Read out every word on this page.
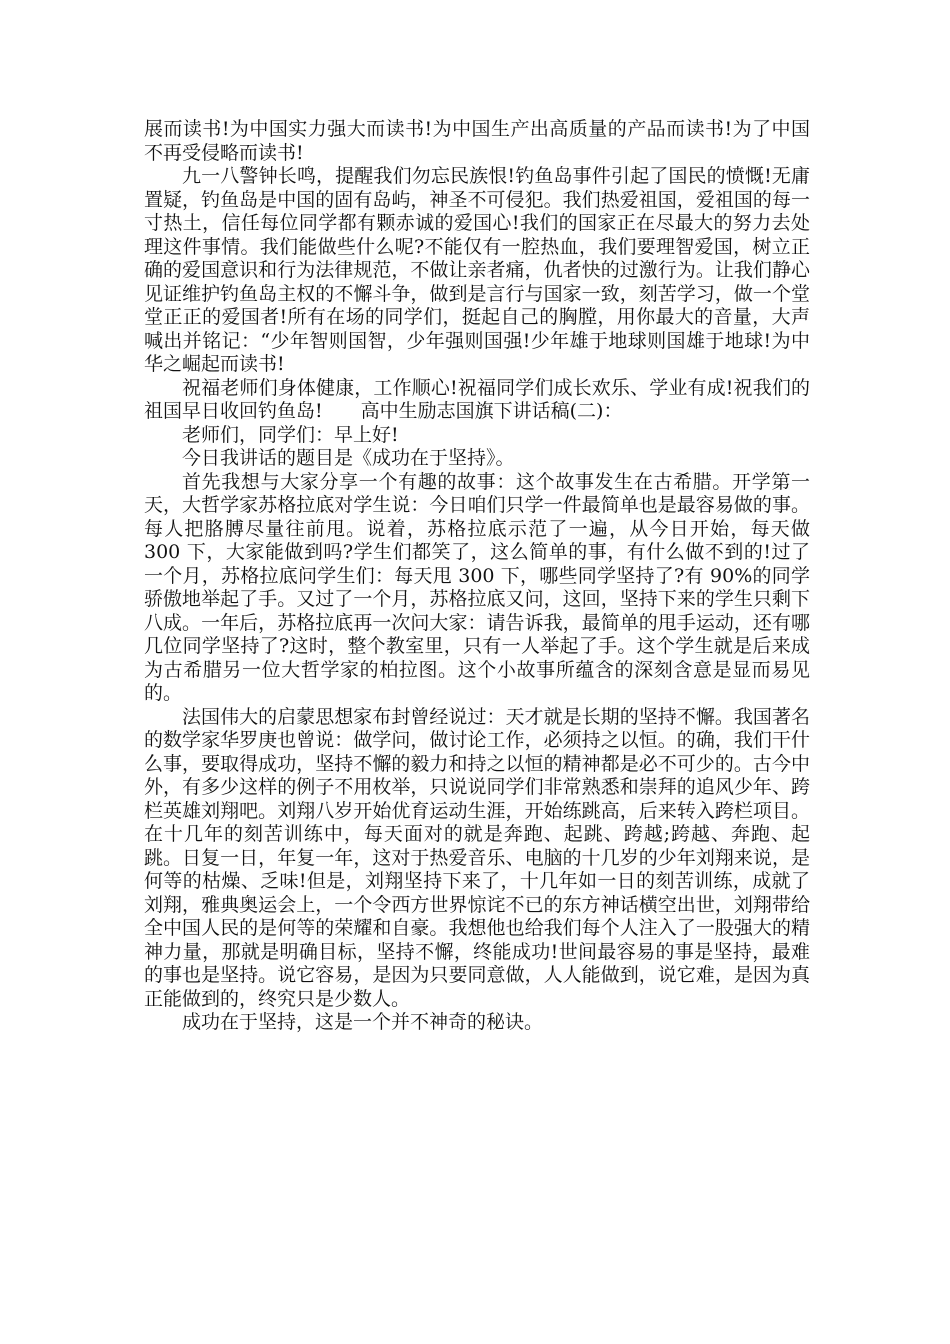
展而读书!为中国实力强大而读书!为中国生产出高质量的产品而读书!为了中国不再受侵略而读书!

九一八警钟长鸣，提醒我们勿忘民族恨!钓鱼岛事件引起了国民的愤慨!无庸置疑，钓鱼岛是中国的固有岛屿，神圣不可侵犯。我们热爱祖国，爱祖国的每一寸热土，信任每位同学都有颗赤诚的爱国心!我们的国家正在尽最大的努力去处理这件事情。我们能做些什么呢?不能仅有一腔热血，我们要理智爱国，树立正确的爱国意识和行为法律规范，不做让亲者痛，仇者快的过激行为。让我们静心见证维护钓鱼岛主权的不懈斗争，做到是言行与国家一致，刻苦学习，做一个堂堂正正的爱国者!所有在场的同学们，挺起自己的胸膛，用你最大的音量，大声喊出并铭记：“少年智则国智，少年强则国强!少年雄于地球则国雄于地球!为中华之崛起而读书!

祝福老师们身体健康，工作顺心!祝福同学们成长欢乐、学业有成!祝我们的祖国早日收回钓鱼岛!　　高中生励志国旗下讲话稿(二)：

老师们，同学们：早上好!

今日我讲话的题目是《成功在于坚持》。

首先我想与大家分享一个有趣的故事：这个故事发生在古希腊。开学第一天，大哲学家苏格拉底对学生说：今日咱们只学一件最简单也是最容易做的事。每人把胳膊尽量往前甩。说着，苏格拉底示范了一遍，从今日开始，每天做 300 下，大家能做到吗?学生们都笑了，这么简单的事，有什么做不到的!过了一个月，苏格拉底问学生们：每天甩 300 下，哪些同学坚持了?有 90%的同学骄傲地举起了手。又过了一个月，苏格拉底又问，这回，坚持下来的学生只剩下八成。一年后，苏格拉底再一次问大家：请告诉我，最简单的甩手运动，还有哪几位同学坚持了?这时，整个教室里，只有一人举起了手。这个学生就是后来成为古希腊另一位大哲学家的柏拉图。这个小故事所蕴含的深刻含意是显而易见的。

法国伟大的启蒙思想家布封曾经说过：天才就是长期的坚持不懈。我国著名的数学家华罗庚也曾说：做学问，做讨论工作，必须持之以恒。的确，我们干什么事，要取得成功，坚持不懈的毅力和持之以恒的精神都是必不可少的。古今中外，有多少这样的例子不用枚举，只说说同学们非常熟悉和崇拜的追风少年、跨栏英雄刘翔吧。刘翔八岁开始优育运动生涯，开始练跳高，后来转入跨栏项目。在十几年的刻苦训练中，每天面对的就是奔跑、起跳、跨越;跨越、奔跑、起跳。日复一日，年复一年，这对于热爱音乐、电脑的十几岁的少年刘翔来说，是何等的枯燥、乏味!但是，刘翔坚持下来了，十几年如一日的刻苦训练，成就了刘翔，雅典奥运会上，一个令西方世界惊诧不已的东方神话横空出世，刘翔带给全中国人民的是何等的荣耀和自豪。我想他也给我们每个人注入了一股强大的精神力量，那就是明确目标，坚持不懈，终能成功!世间最容易的事是坚持，最难的事也是坚持。说它容易，是因为只要同意做，人人能做到，说它难，是因为真正能做到的，终究只是少数人。

成功在于坚持，这是一个并不神奇的秘诀。
